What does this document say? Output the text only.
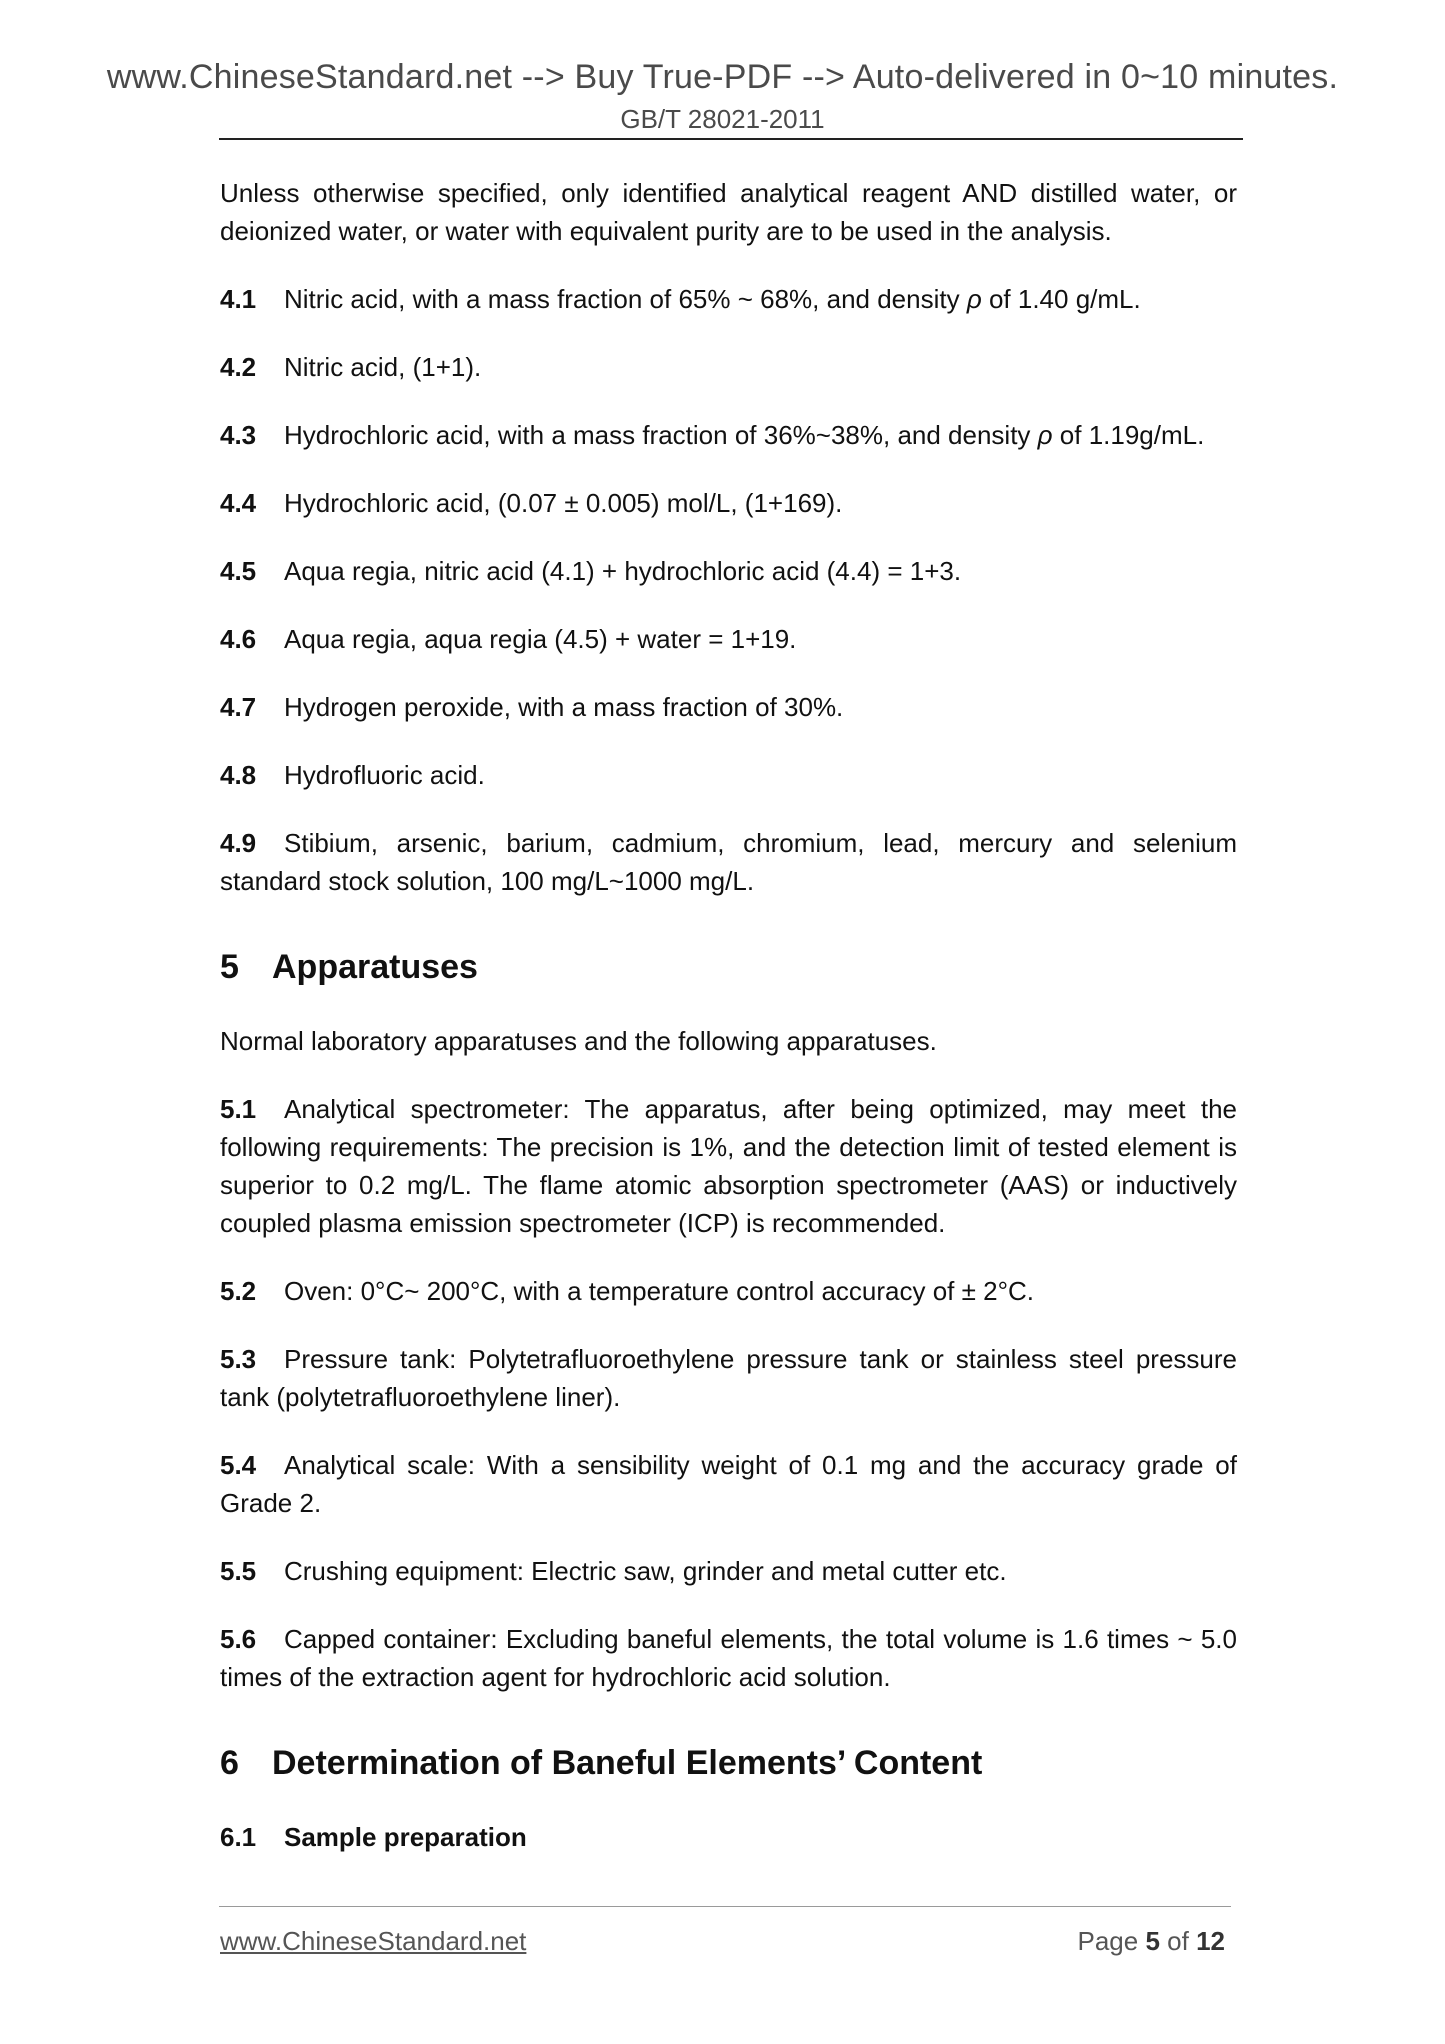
www.ChineseStandard.net --> Buy True-PDF --> Auto-delivered in 0~10 minutes.
GB/T 28021-2011

Unless otherwise specified, only identified analytical reagent AND distilled water, or deionized water, or water with equivalent purity are to be used in the analysis.

4.1 Nitric acid, with a mass fraction of 65% ~ 68%, and density ρ of 1.40 g/mL.

4.2 Nitric acid, (1+1).

4.3 Hydrochloric acid, with a mass fraction of 36%~38%, and density ρ of 1.19g/mL.

4.4 Hydrochloric acid, (0.07 ± 0.005) mol/L, (1+169).

4.5 Aqua regia, nitric acid (4.1) + hydrochloric acid (4.4) = 1+3.

4.6 Aqua regia, aqua regia (4.5) + water = 1+19.

4.7 Hydrogen peroxide, with a mass fraction of 30%.

4.8 Hydrofluoric acid.

4.9 Stibium, arsenic, barium, cadmium, chromium, lead, mercury and selenium standard stock solution, 100 mg/L~1000 mg/L.

5 Apparatuses

Normal laboratory apparatuses and the following apparatuses.

5.1 Analytical spectrometer: The apparatus, after being optimized, may meet the following requirements: The precision is 1%, and the detection limit of tested element is superior to 0.2 mg/L. The flame atomic absorption spectrometer (AAS) or inductively coupled plasma emission spectrometer (ICP) is recommended.

5.2 Oven: 0°C~ 200°C, with a temperature control accuracy of ± 2°C.

5.3 Pressure tank: Polytetrafluoroethylene pressure tank or stainless steel pressure tank (polytetrafluoroethylene liner).

5.4 Analytical scale: With a sensibility weight of 0.1 mg and the accuracy grade of Grade 2.

5.5 Crushing equipment: Electric saw, grinder and metal cutter etc.

5.6 Capped container: Excluding baneful elements, the total volume is 1.6 times ~ 5.0 times of the extraction agent for hydrochloric acid solution.

6 Determination of Baneful Elements’ Content

6.1 Sample preparation

www.ChineseStandard.net	Page 5 of 12
